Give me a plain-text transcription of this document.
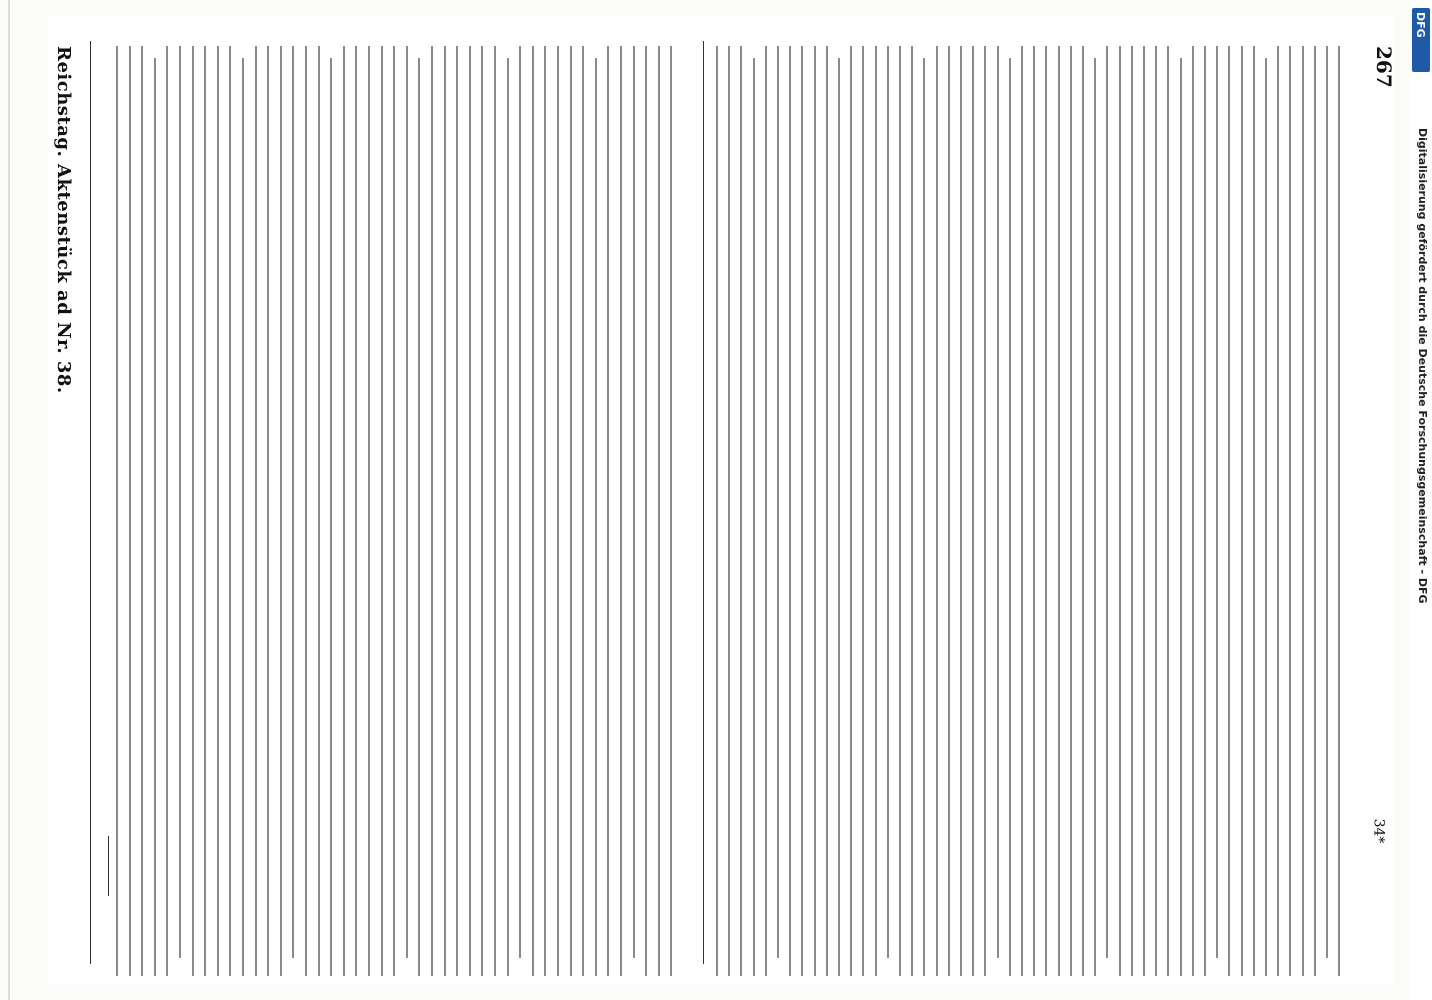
Reichstag. Aktenstück ad Nr. 38.	267
34*
Digitalisierung gefördert durch die Deutsche Forschungsgemeinschaft - DFG
DFG
